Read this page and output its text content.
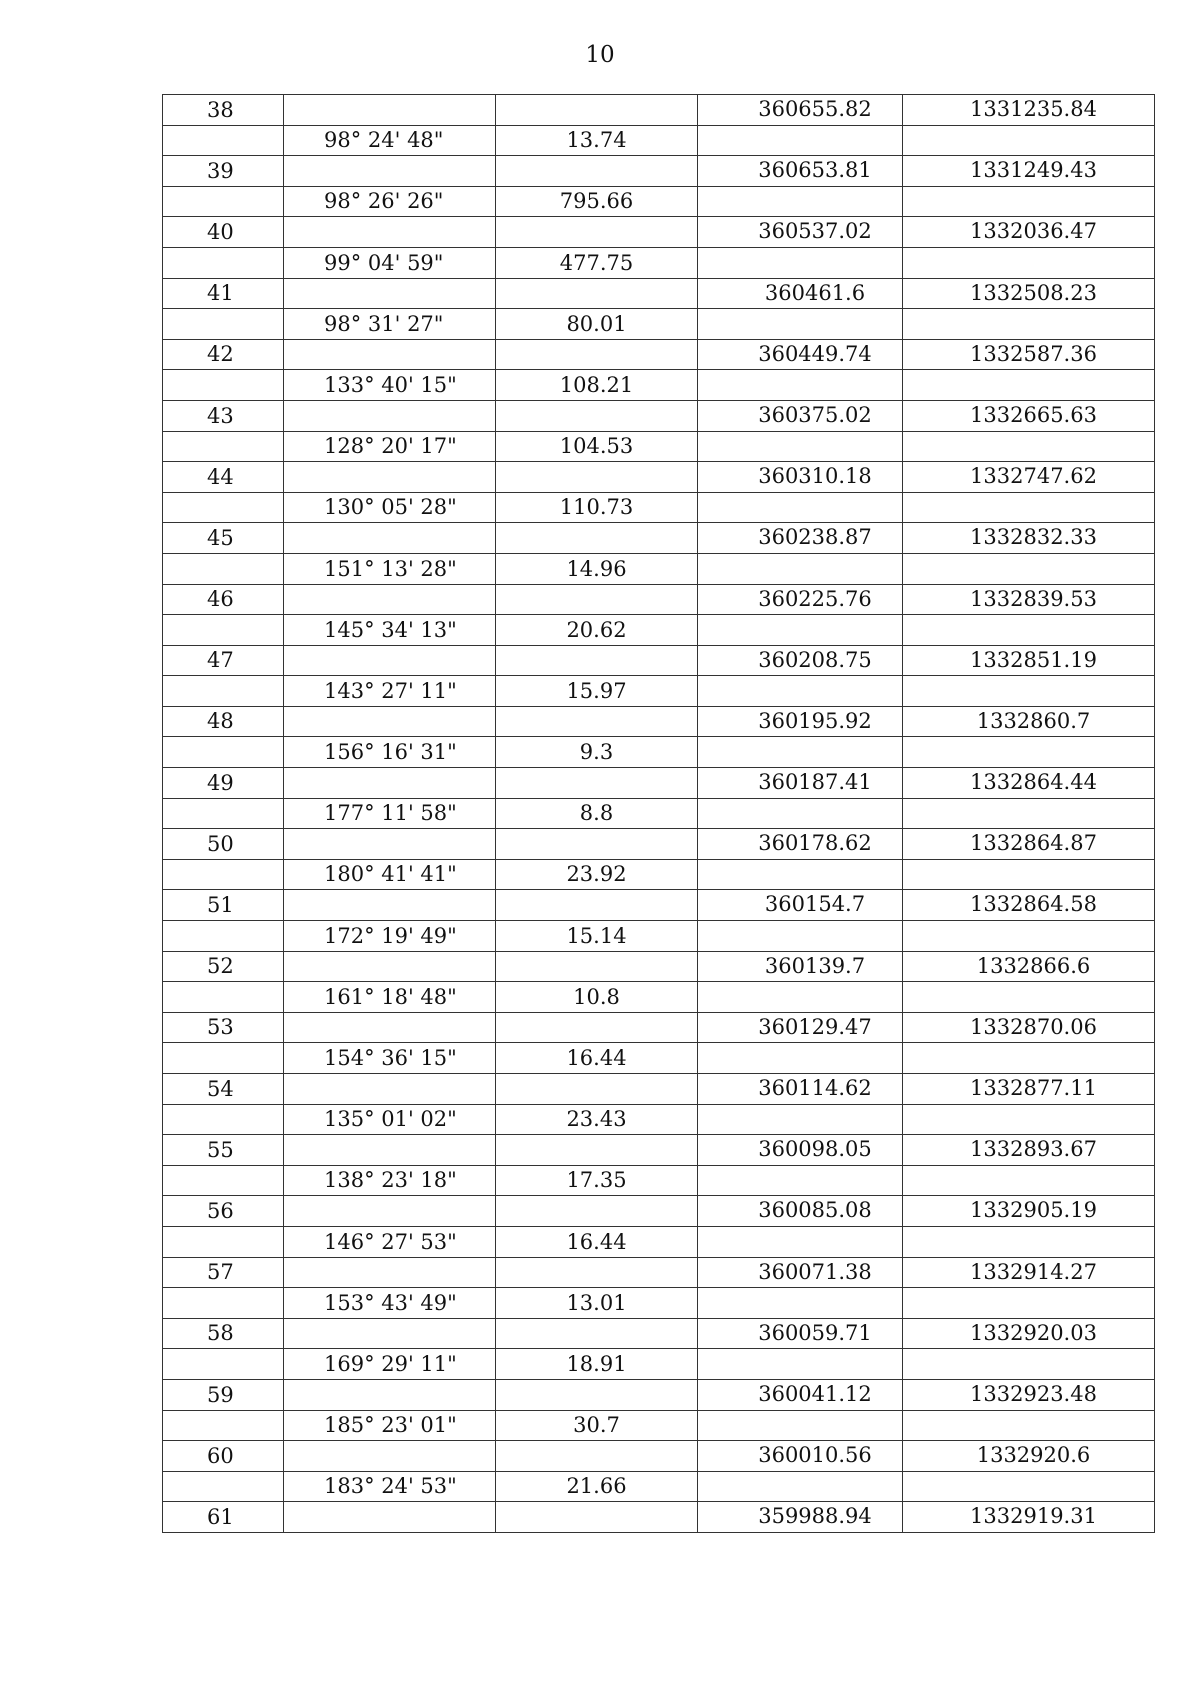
10
38			360655.82	1331235.84
	98° 24' 48"	13.74		
39			360653.81	1331249.43
	98° 26' 26"	795.66		
40			360537.02	1332036.47
	99° 04' 59"	477.75		
41			360461.6	1332508.23
	98° 31' 27"	80.01		
42			360449.74	1332587.36
	133° 40' 15"	108.21		
43			360375.02	1332665.63
	128° 20' 17"	104.53		
44			360310.18	1332747.62
	130° 05' 28"	110.73		
45			360238.87	1332832.33
	151° 13' 28"	14.96		
46			360225.76	1332839.53
	145° 34' 13"	20.62		
47			360208.75	1332851.19
	143° 27' 11"	15.97		
48			360195.92	1332860.7
	156° 16' 31"	9.3		
49			360187.41	1332864.44
	177° 11' 58"	8.8		
50			360178.62	1332864.87
	180° 41' 41"	23.92		
51			360154.7	1332864.58
	172° 19' 49"	15.14		
52			360139.7	1332866.6
	161° 18' 48"	10.8		
53			360129.47	1332870.06
	154° 36' 15"	16.44		
54			360114.62	1332877.11
	135° 01' 02"	23.43		
55			360098.05	1332893.67
	138° 23' 18"	17.35		
56			360085.08	1332905.19
	146° 27' 53"	16.44		
57			360071.38	1332914.27
	153° 43' 49"	13.01		
58			360059.71	1332920.03
	169° 29' 11"	18.91		
59			360041.12	1332923.48
	185° 23' 01"	30.7		
60			360010.56	1332920.6
	183° 24' 53"	21.66		
61			359988.94	1332919.31
